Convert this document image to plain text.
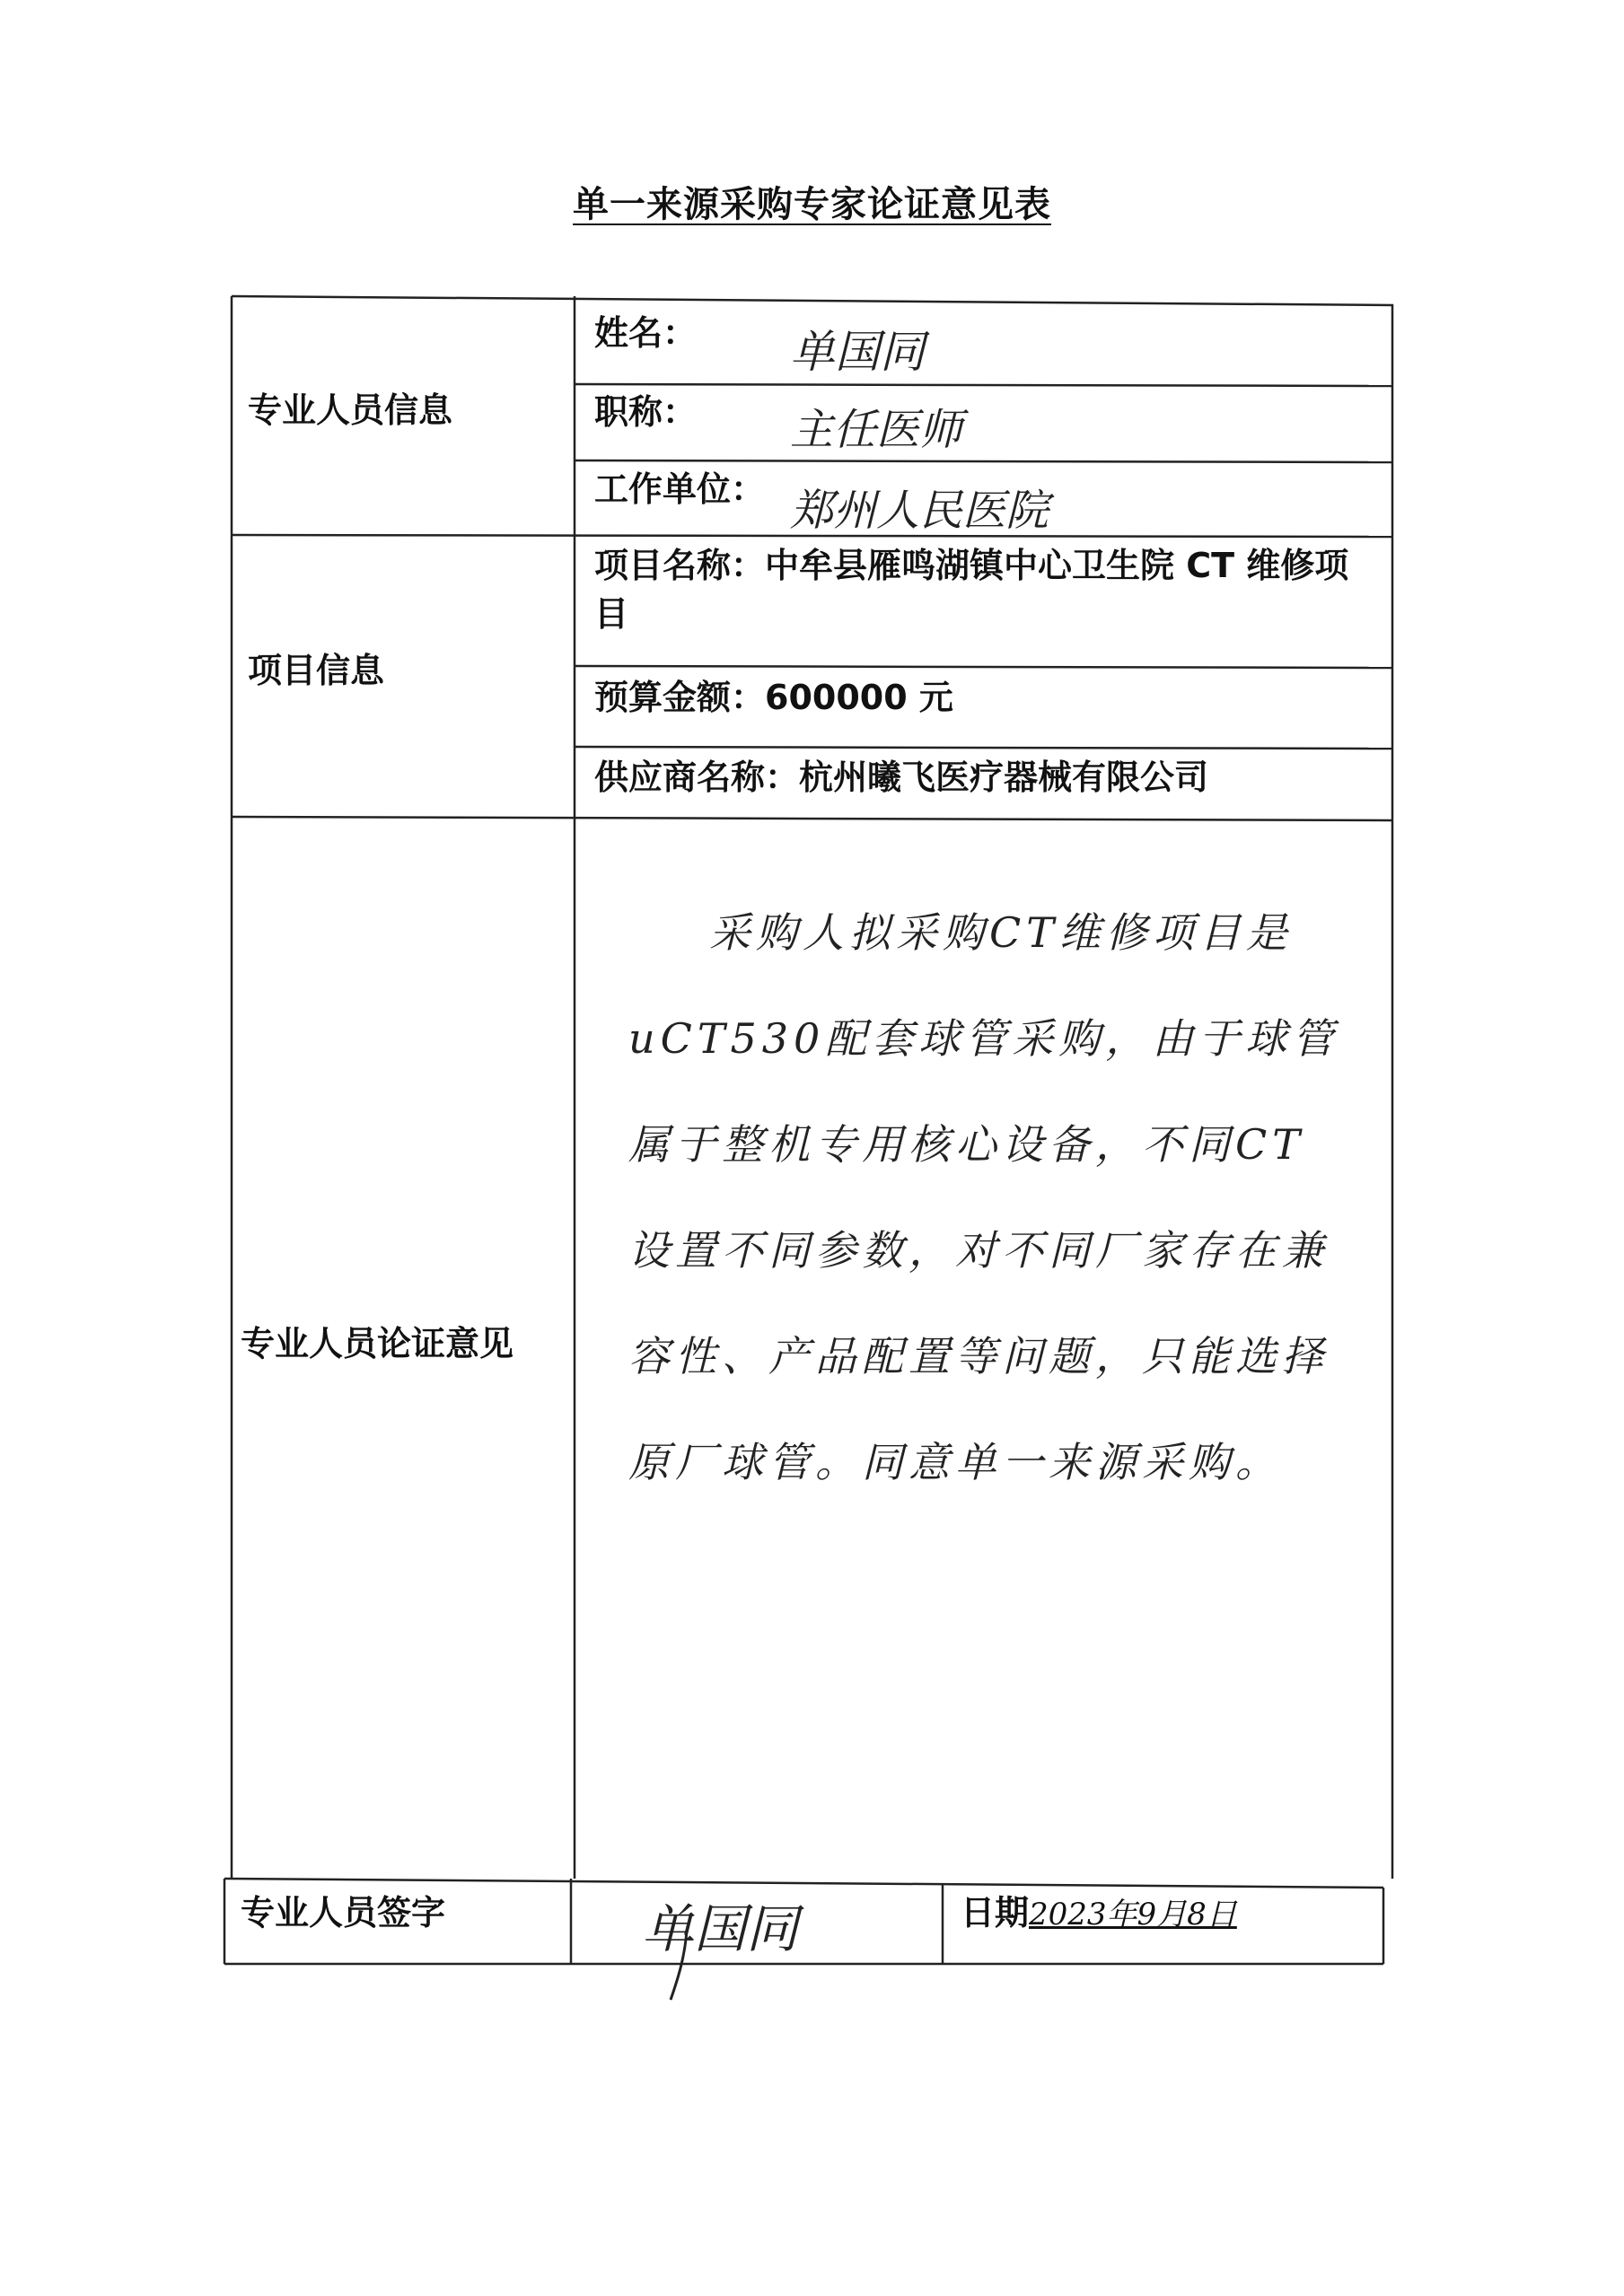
单一来源采购专家论证意见表
专业人员信息
项目信息
专业人员论证意见
专业人员签字
姓名： 单国同
职称： 主任医师
工作单位： 郑州人民医院
项目名称：中牟县雁鸣湖镇中心卫生院 CT 维修项目
预算金额：600000 元
供应商名称：杭州曦飞医疗器械有限公司
采购人拟采购CT维修项目是uCT530配套球管采购，由于球管属于整机专用核心设备，不同CT设置不同参数，对不同厂家存在兼容性、产品配置等问题，只能选择原厂球管。同意单一来源采购。
单国同	日期2023年9月8日
